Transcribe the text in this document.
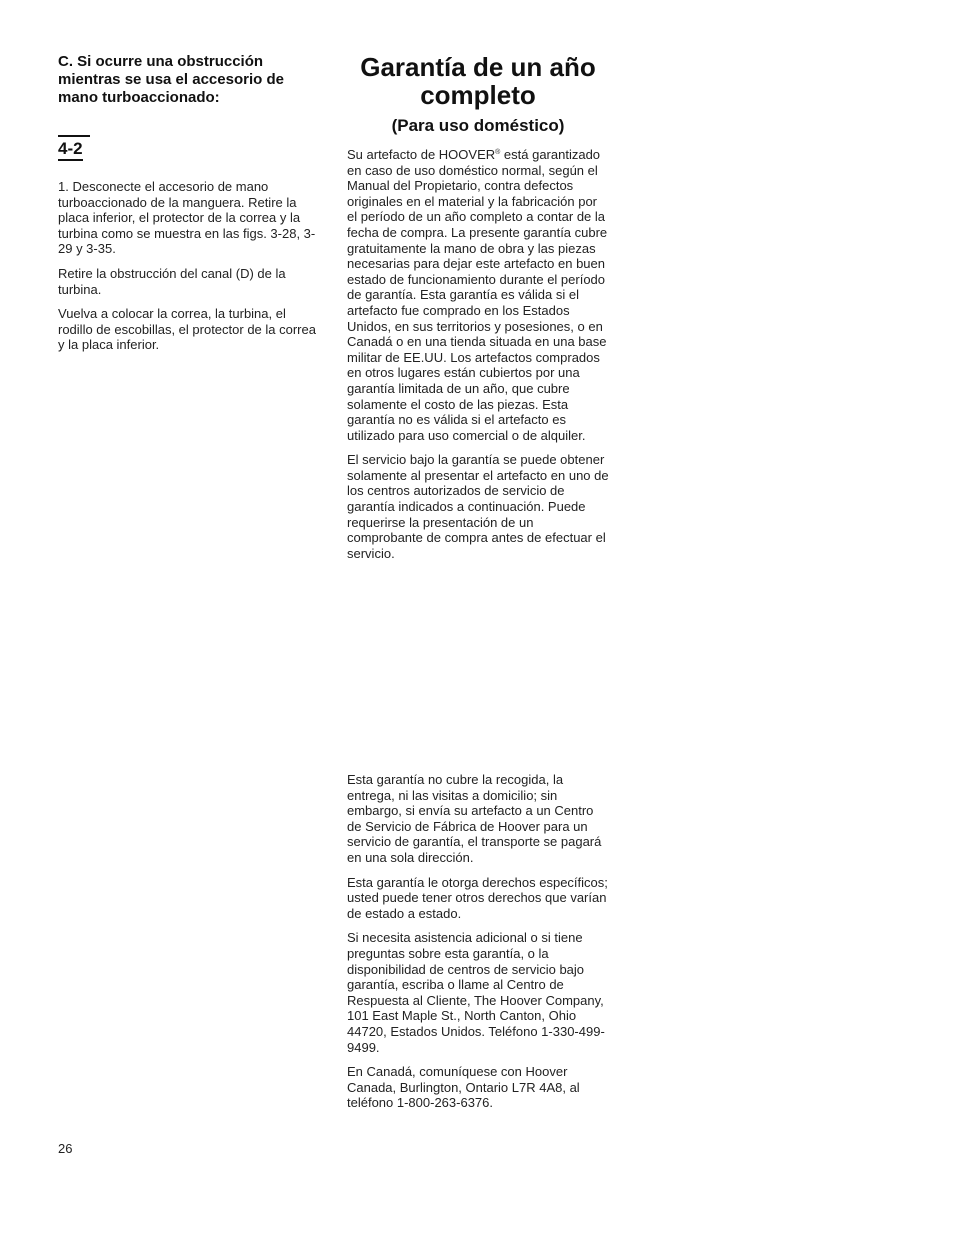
C. Si ocurre una obstrucción mientras se usa el accesorio de mano turboaccionado:
4-2

1. Desconecte el accesorio de mano turboaccionado de la manguera. Retire la placa inferior, el protector de la correa y la turbina como se muestra en las figs. 3-28, 3-29 y 3-35.

Retire la obstrucción del canal (D) de la turbina.

Vuelva a colocar la correa, la turbina, el rodillo de escobillas, el protector de la correa y la placa inferior.

Garantía de un año completo
(Para uso doméstico)

Su artefacto de HOOVER® está garantizado en caso de uso doméstico normal, según el Manual del Propietario, contra defectos originales en el material y la fabricación por el período de un año completo a contar de la fecha de compra. La presente garantía cubre gratuitamente la mano de obra y las piezas necesarias para dejar este artefacto en buen estado de funcionamiento durante el período de garantía. Esta garantía es válida si el artefacto fue comprado en los Estados Unidos, en sus territorios y posesiones, o en Canadá o en una tienda situada en una base militar de EE.UU. Los artefactos comprados en otros lugares están cubiertos por una garantía limitada de un año, que cubre solamente el costo de las piezas. Esta garantía no es válida si el artefacto es utilizado para uso comercial o de alquiler.

El servicio bajo la garantía se puede obtener solamente al presentar el artefacto en uno de los centros autorizados de servicio de garantía indicados a continuación. Puede requerirse la presentación de un comprobante de compra antes de efectuar el servicio.

Esta garantía no cubre la recogida, la entrega, ni las visitas a domicilio; sin embargo, si envía su artefacto a un Centro de Servicio de Fábrica de Hoover para un servicio de garantía, el transporte se pagará en una sola dirección.

Esta garantía le otorga derechos específicos; usted puede tener otros derechos que varían de estado a estado.

Si necesita asistencia adicional o si tiene preguntas sobre esta garantía, o la disponibilidad de centros de servicio bajo garantía, escriba o llame al Centro de Respuesta al Cliente, The Hoover Company, 101 East Maple St., North Canton, Ohio 44720, Estados Unidos. Teléfono 1-330-499-9499.

En Canadá, comuníquese con Hoover Canada, Burlington, Ontario L7R 4A8, al teléfono 1-800-263-6376.

26
